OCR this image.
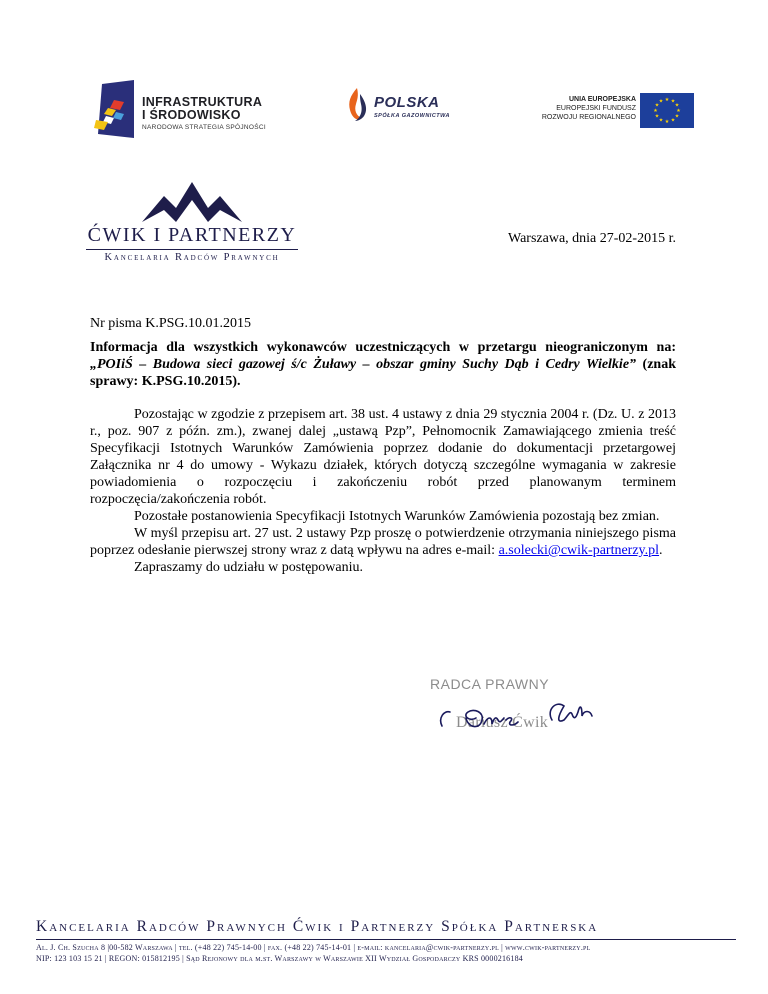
INFRASTRUKTURA
I ŚRODOWISKO
NARODOWA STRATEGIA SPÓJNOŚCI
POLSKA
SPÓŁKA GAZOWNICTWA
UNIA EUROPEJSKA
EUROPEJSKI FUNDUSZ
ROZWOJU REGIONALNEGO
★ ★
★
★
★
★
★
★
★
★
★
★
ĆWIK I PARTNERZY
Kancelaria Radców Prawnych
Warszawa, dnia 27-02-2015 r.
Nr pisma K.PSG.10.01.2015
Informacja dla wszystkich wykonawców uczestniczących w przetargu nieograniczonym na: „POIiŚ – Budowa sieci gazowej ś/c Żuławy – obszar gminy Suchy Dąb i Cedry Wielkie” (znak sprawy: K.PSG.10.2015).

Pozostając w zgodzie z przepisem art. 38 ust. 4 ustawy z dnia 29 stycznia 2004 r. (Dz. U. z 2013 r., poz. 907 z późn. zm.), zwanej dalej „ustawą Pzp”, Pełnomocnik Zamawiającego zmienia treść Specyfikacji Istotnych Warunków Zamówienia poprzez dodanie do dokumentacji przetargowej Załącznika nr 4 do umowy - Wykazu działek, których dotyczą szczególne wymagania w zakresie powiadomienia o rozpoczęciu i zakończeniu robót przed planowanym terminem rozpoczęcia/zakończenia robót.

Pozostałe postanowienia Specyfikacji Istotnych Warunków Zamówienia pozostają bez zmian.

W myśl przepisu art. 27 ust. 2 ustawy Pzp proszę o potwierdzenie otrzymania niniejszego pisma poprzez odesłanie pierwszej strony wraz z datą wpływu na adres e-mail: a.solecki@cwik-partnerzy.pl.

Zapraszamy do udziału w postępowaniu.

RADCA PRAWNY
Dariusz Ćwik
Kancelaria Radców Prawnych Ćwik i Partnerzy Spółka Partnerska
Al. J. Ch. Szucha 8 |00-582 Warszawa | tel. (+48 22) 745-14-00 | fax. (+48 22) 745-14-01 | e-mail: kancelaria@cwik-partnerzy.pl | www.cwik-partnerzy.pl
NIP: 123 103 15 21 | REGON: 015812195 | Sąd Rejonowy dla m.st. Warszawy w Warszawie XII Wydział Gospodarczy KRS 0000216184
